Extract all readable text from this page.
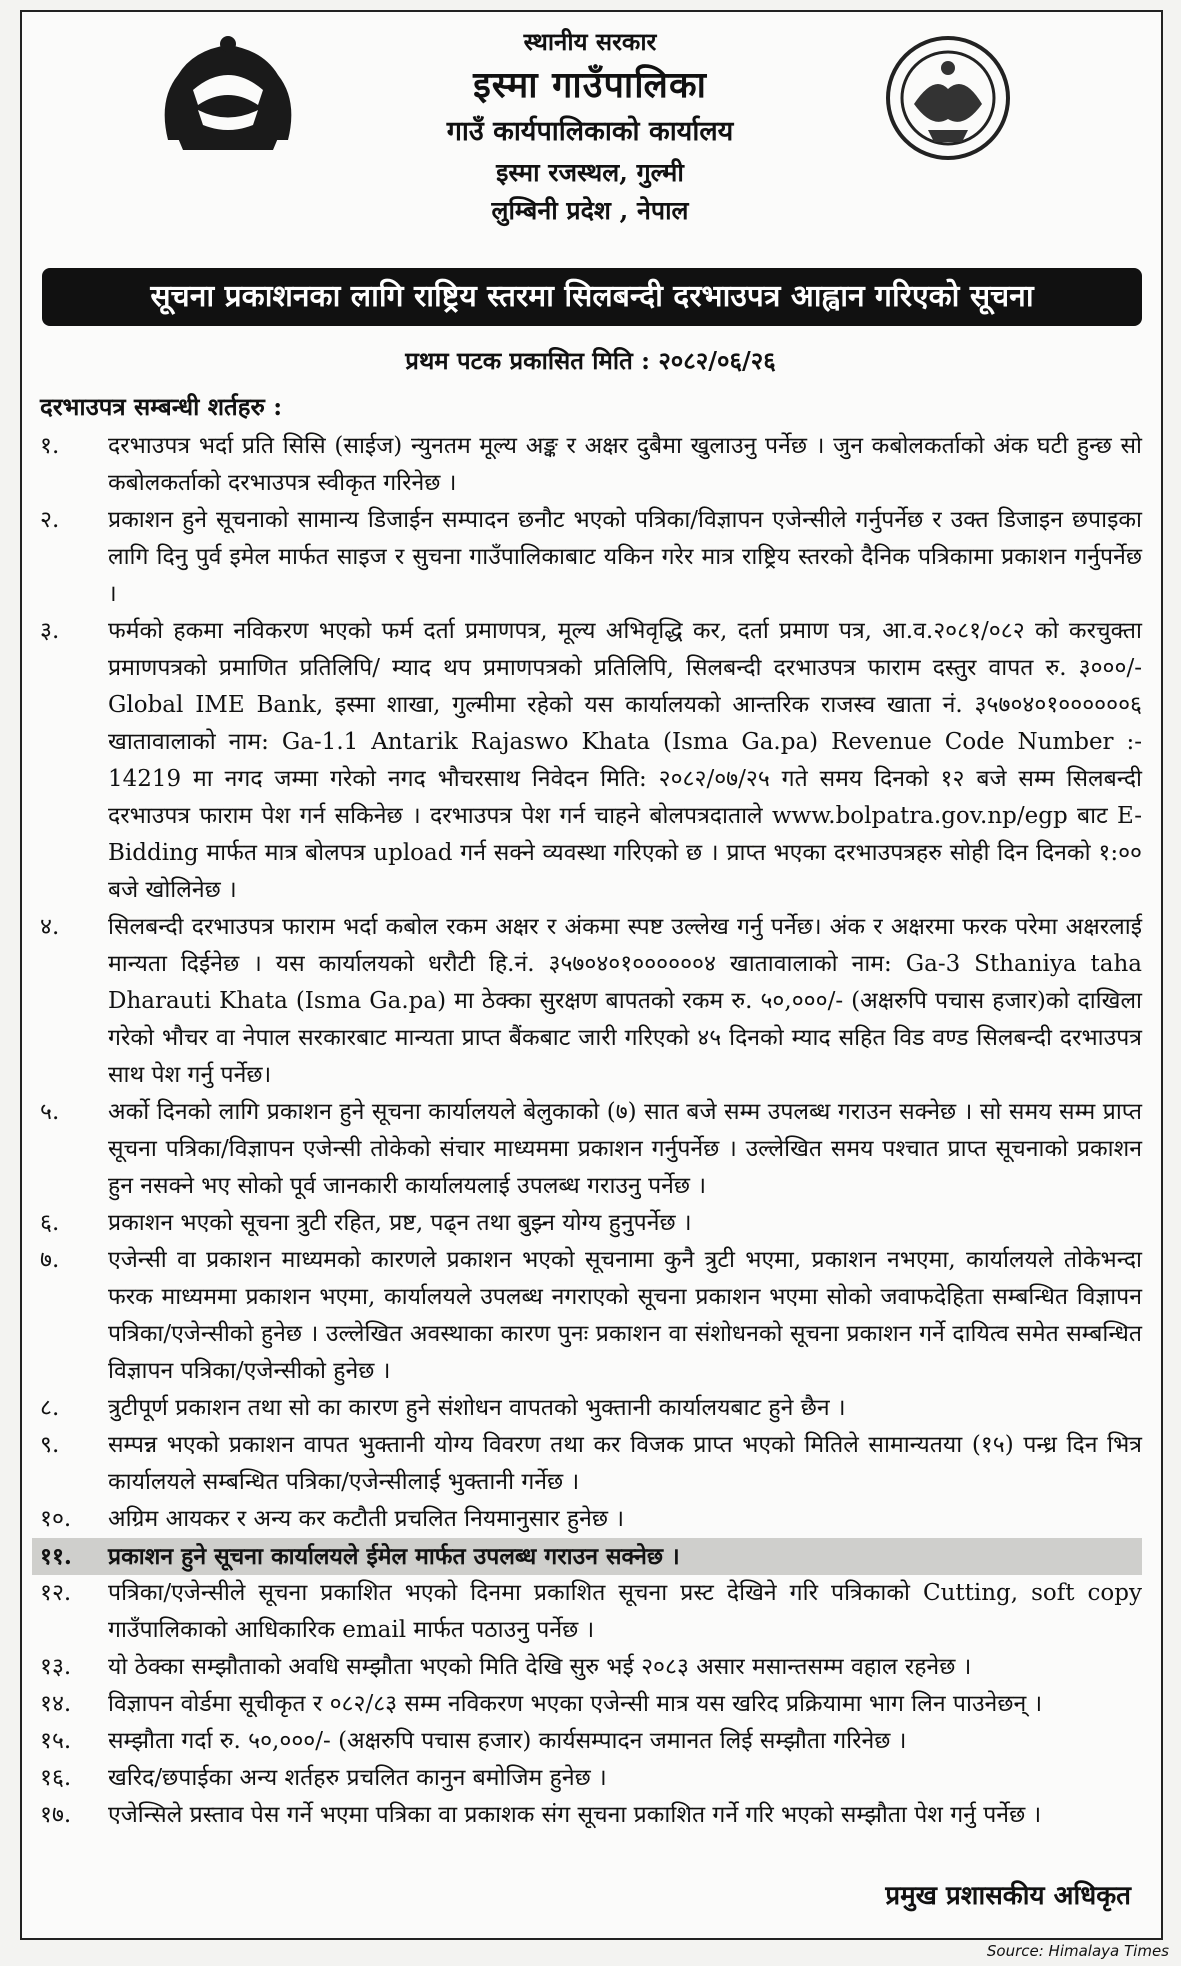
स्थानीय सरकार
इस्मा गाउँपालिका
गाउँ कार्यपालिकाको कार्यालय
इस्मा रजस्थल, गुल्मी
लुम्बिनी प्रदेश , नेपाल
सूचना प्रकाशनका लागि राष्ट्रिय स्तरमा सिलबन्दी दरभाउपत्र आह्वान गरिएको सूचना
प्रथम पटक प्रकासित मिति : २०८२/०६/२६
दरभाउपत्र सम्बन्धी शर्तहरु :
१.	दरभाउपत्र भर्दा प्रति सिसि (साईज) न्युनतम मूल्य अङ्क र अक्षर दुबैमा खुलाउनु पर्नेछ । जुन कबोलकर्ताको अंक घटी हुन्छ सो कबोलकर्ताको दरभाउपत्र स्वीकृत गरिनेछ ।
२.	प्रकाशन हुने सूचनाको सामान्य डिजाईन सम्पादन छनौट भएको पत्रिका/विज्ञापन एजेन्सीले गर्नुपर्नेछ र उक्त डिजाइन छपाइका लागि दिनु पुर्व इमेल मार्फत साइज र सुचना गाउँपालिकाबाट यकिन गरेर मात्र राष्ट्रिय स्तरको दैनिक पत्रिकामा प्रकाशन गर्नुपर्नेछ ।
३.	फर्मको हकमा नविकरण भएको फर्म दर्ता प्रमाणपत्र, मूल्य अभिवृद्धि कर, दर्ता प्रमाण पत्र, आ.व.२०८१/०८२ को करचुक्ता प्रमाणपत्रको प्रमाणित प्रतिलिपि/ म्याद थप प्रमाणपत्रको प्रतिलिपि, सिलबन्दी दरभाउपत्र फाराम दस्तुर वापत रु. ३०००/- Global IME Bank, इस्मा शाखा, गुल्मीमा रहेको यस कार्यालयको आन्तरिक राजस्व खाता नं. ३५७०४०१००००००६ खातावालाको नाम: Ga-1.1 Antarik Rajaswo Khata (Isma Ga.pa) Revenue Code Number :- 14219 मा नगद जम्मा गरेको नगद भौचरसाथ निवेदन मिति: २०८२/०७/२५ गते समय दिनको १२ बजे सम्म सिलबन्दी दरभाउपत्र फाराम पेश गर्न सकिनेछ । दरभाउपत्र पेश गर्न चाहने बोलपत्रदाताले www.bolpatra.gov.np/egp बाट E-Bidding मार्फत मात्र बोलपत्र upload गर्न सक्ने व्यवस्था गरिएको छ । प्राप्त भएका दरभाउपत्रहरु सोही दिन दिनको १:०० बजे खोलिनेछ ।
४.	सिलबन्दी दरभाउपत्र फाराम भर्दा कबोल रकम अक्षर र अंकमा स्पष्ट उल्लेख गर्नु पर्नेछ। अंक र अक्षरमा फरक परेमा अक्षरलाई मान्यता दिईनेछ । यस कार्यालयको धरौटी हि.नं. ३५७०४०१००००००४ खातावालाको नाम: Ga-3 Sthaniya taha Dharauti Khata (Isma Ga.pa) मा ठेक्का सुरक्षण बापतको रकम रु. ५०,०००/- (अक्षरुपि पचास हजार)को दाखिला गरेको भौचर वा नेपाल सरकारबाट मान्यता प्राप्त बैंकबाट जारी गरिएको ४५ दिनको म्याद सहित विड वण्ड सिलबन्दी दरभाउपत्र साथ पेश गर्नु पर्नेछ।
५.	अर्को दिनको लागि प्रकाशन हुने सूचना कार्यालयले बेलुकाको (७) सात बजे सम्म उपलब्ध गराउन सक्नेछ । सो समय सम्म प्राप्त सूचना पत्रिका/विज्ञापन एजेन्सी तोकेको संचार माध्यममा प्रकाशन गर्नुपर्नेछ । उल्लेखित समय पश्चात प्राप्त सूचनाको प्रकाशन हुन नसक्ने भए सोको पूर्व जानकारी कार्यालयलाई उपलब्ध गराउनु पर्नेछ ।
६.	प्रकाशन भएको सूचना त्रुटी रहित, प्रष्ट, पढ्न तथा बुझ्न योग्य हुनुपर्नेछ ।
७.	एजेन्सी वा प्रकाशन माध्यमको कारणले प्रकाशन भएको सूचनामा कुनै त्रुटी भएमा, प्रकाशन नभएमा, कार्यालयले तोकेभन्दा फरक माध्यममा प्रकाशन भएमा, कार्यालयले उपलब्ध नगराएको सूचना प्रकाशन भएमा सोको जवाफदेहिता सम्बन्धित विज्ञापन पत्रिका/एजेन्सीको हुनेछ । उल्लेखित अवस्थाका कारण पुनः प्रकाशन वा संशोधनको सूचना प्रकाशन गर्ने दायित्व समेत सम्बन्धित विज्ञापन पत्रिका/एजेन्सीको हुनेछ ।
८.	त्रुटीपूर्ण प्रकाशन तथा सो का कारण हुने संशोधन वापतको भुक्तानी कार्यालयबाट हुने छैन ।
९.	सम्पन्न भएको प्रकाशन वापत भुक्तानी योग्य विवरण तथा कर विजक प्राप्त भएको मितिले सामान्यतया (१५) पन्ध्र दिन भित्र कार्यालयले सम्बन्धित पत्रिका/एजेन्सीलाई भुक्तानी गर्नेछ ।
१०.	अग्रिम आयकर र अन्य कर कटौती प्रचलित नियमानुसार हुनेछ ।
११.	प्रकाशन हुने सूचना कार्यालयले ईमेल मार्फत उपलब्ध गराउन सक्नेछ ।
१२.	पत्रिका/एजेन्सीले सूचना प्रकाशित भएको दिनमा प्रकाशित सूचना प्रस्ट देखिने गरि पत्रिकाको Cutting, soft copy गाउँपालिकाको आधिकारिक email मार्फत पठाउनु पर्नेछ ।
१३.	यो ठेक्का सम्झौताको अवधि सम्झौता भएको मिति देखि सुरु भई २०८३ असार मसान्तसम्म वहाल रहनेछ ।
१४.	विज्ञापन वोर्डमा सूचीकृत र ०८२/८३ सम्म नविकरण भएका एजेन्सी मात्र यस खरिद प्रक्रियामा भाग लिन पाउनेछन् ।
१५.	सम्झौता गर्दा रु. ५०,०००/- (अक्षरुपि पचास हजार) कार्यसम्पादन जमानत लिई सम्झौता गरिनेछ ।
१६.	खरिद/छपाईका अन्य शर्तहरु प्रचलित कानुन बमोजिम हुनेछ ।
१७.	एजेन्सिले प्रस्ताव पेस गर्ने भएमा पत्रिका वा प्रकाशक संग सूचना प्रकाशित गर्ने गरि भएको सम्झौता पेश गर्नु पर्नेछ ।
प्रमुख प्रशासकीय अधिकृत
Source: Himalaya Times
